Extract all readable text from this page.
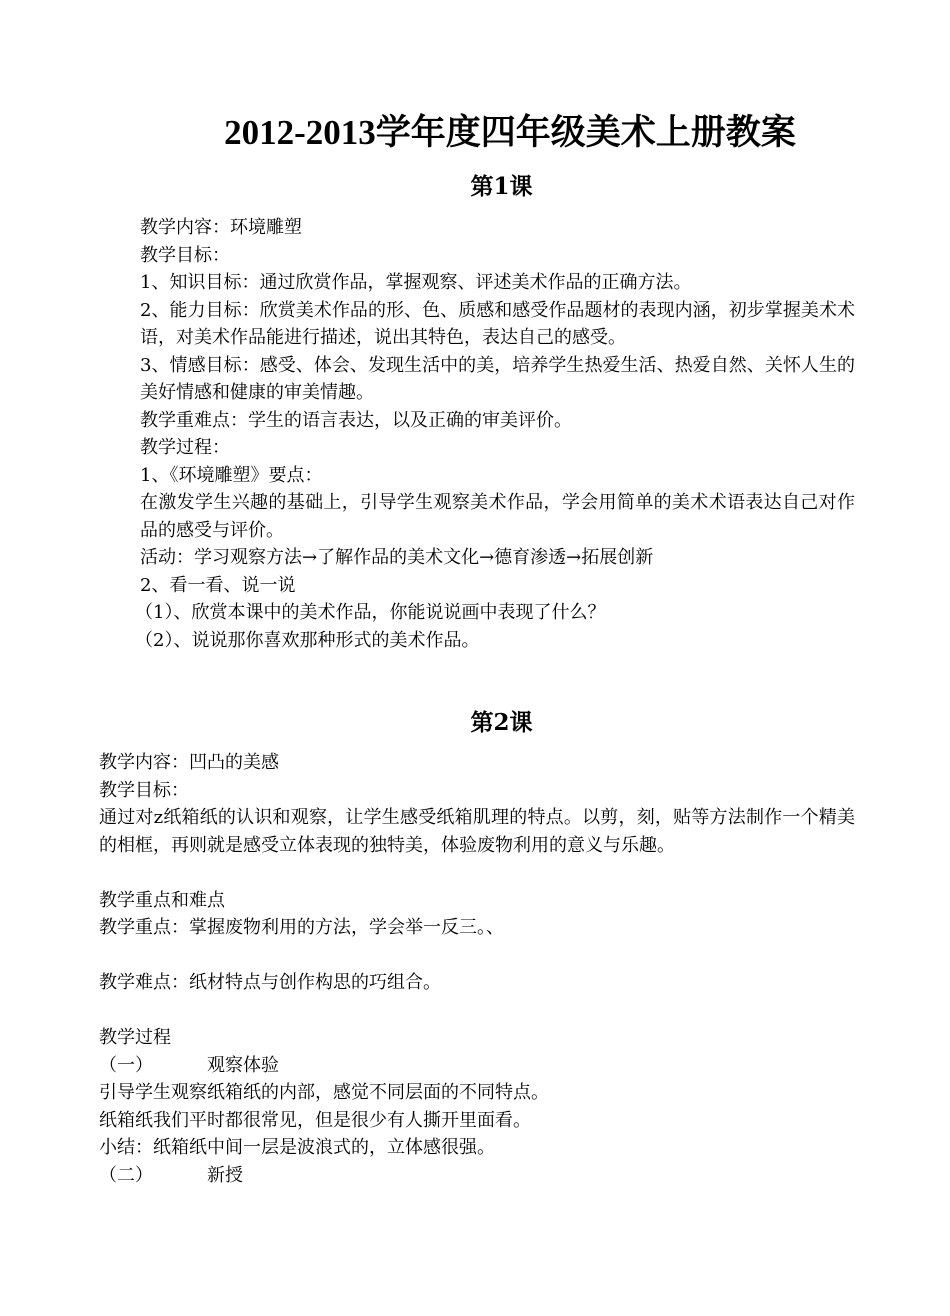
2012-2013学年度四年级美术上册教案
第1课

教学内容：环境雕塑

教学目标：

1、知识目标：通过欣赏作品，掌握观察、评述美术作品的正确方法。

2、能力目标：欣赏美术作品的形、色、质感和感受作品题材的表现内涵，初步掌握美术术语，对美术作品能进行描述，说出其特色，表达自己的感受。

3、情感目标：感受、体会、发现生活中的美，培养学生热爱生活、热爱自然、关怀人生的美好情感和健康的审美情趣。

教学重难点：学生的语言表达，以及正确的审美评价。

教学过程：

1、《环境雕塑》要点：

在激发学生兴趣的基础上，引导学生观察美术作品，学会用简单的美术术语表达自己对作品的感受与评价。

活动：学习观察方法→了解作品的美术文化→德育渗透→拓展创新

2、看一看、说一说

（1）、欣赏本课中的美术作品，你能说说画中表现了什么？

（2）、说说那你喜欢那种形式的美术作品。

第2课

教学内容：凹凸的美感

教学目标：

通过对z纸箱纸的认识和观察，让学生感受纸箱肌理的特点。以剪，刻，贴等方法制作一个精美的相框，再则就是感受立体表现的独特美，体验废物利用的意义与乐趣。

教学重点和难点

教学重点：掌握废物利用的方法，学会举一反三。、

教学难点：纸材特点与创作构思的巧组合。

教学过程

（一）	观察体验

引导学生观察纸箱纸的内部，感觉不同层面的不同特点。

纸箱纸我们平时都很常见，但是很少有人撕开里面看。

小结：纸箱纸中间一层是波浪式的，立体感很强。

（二）	新授
